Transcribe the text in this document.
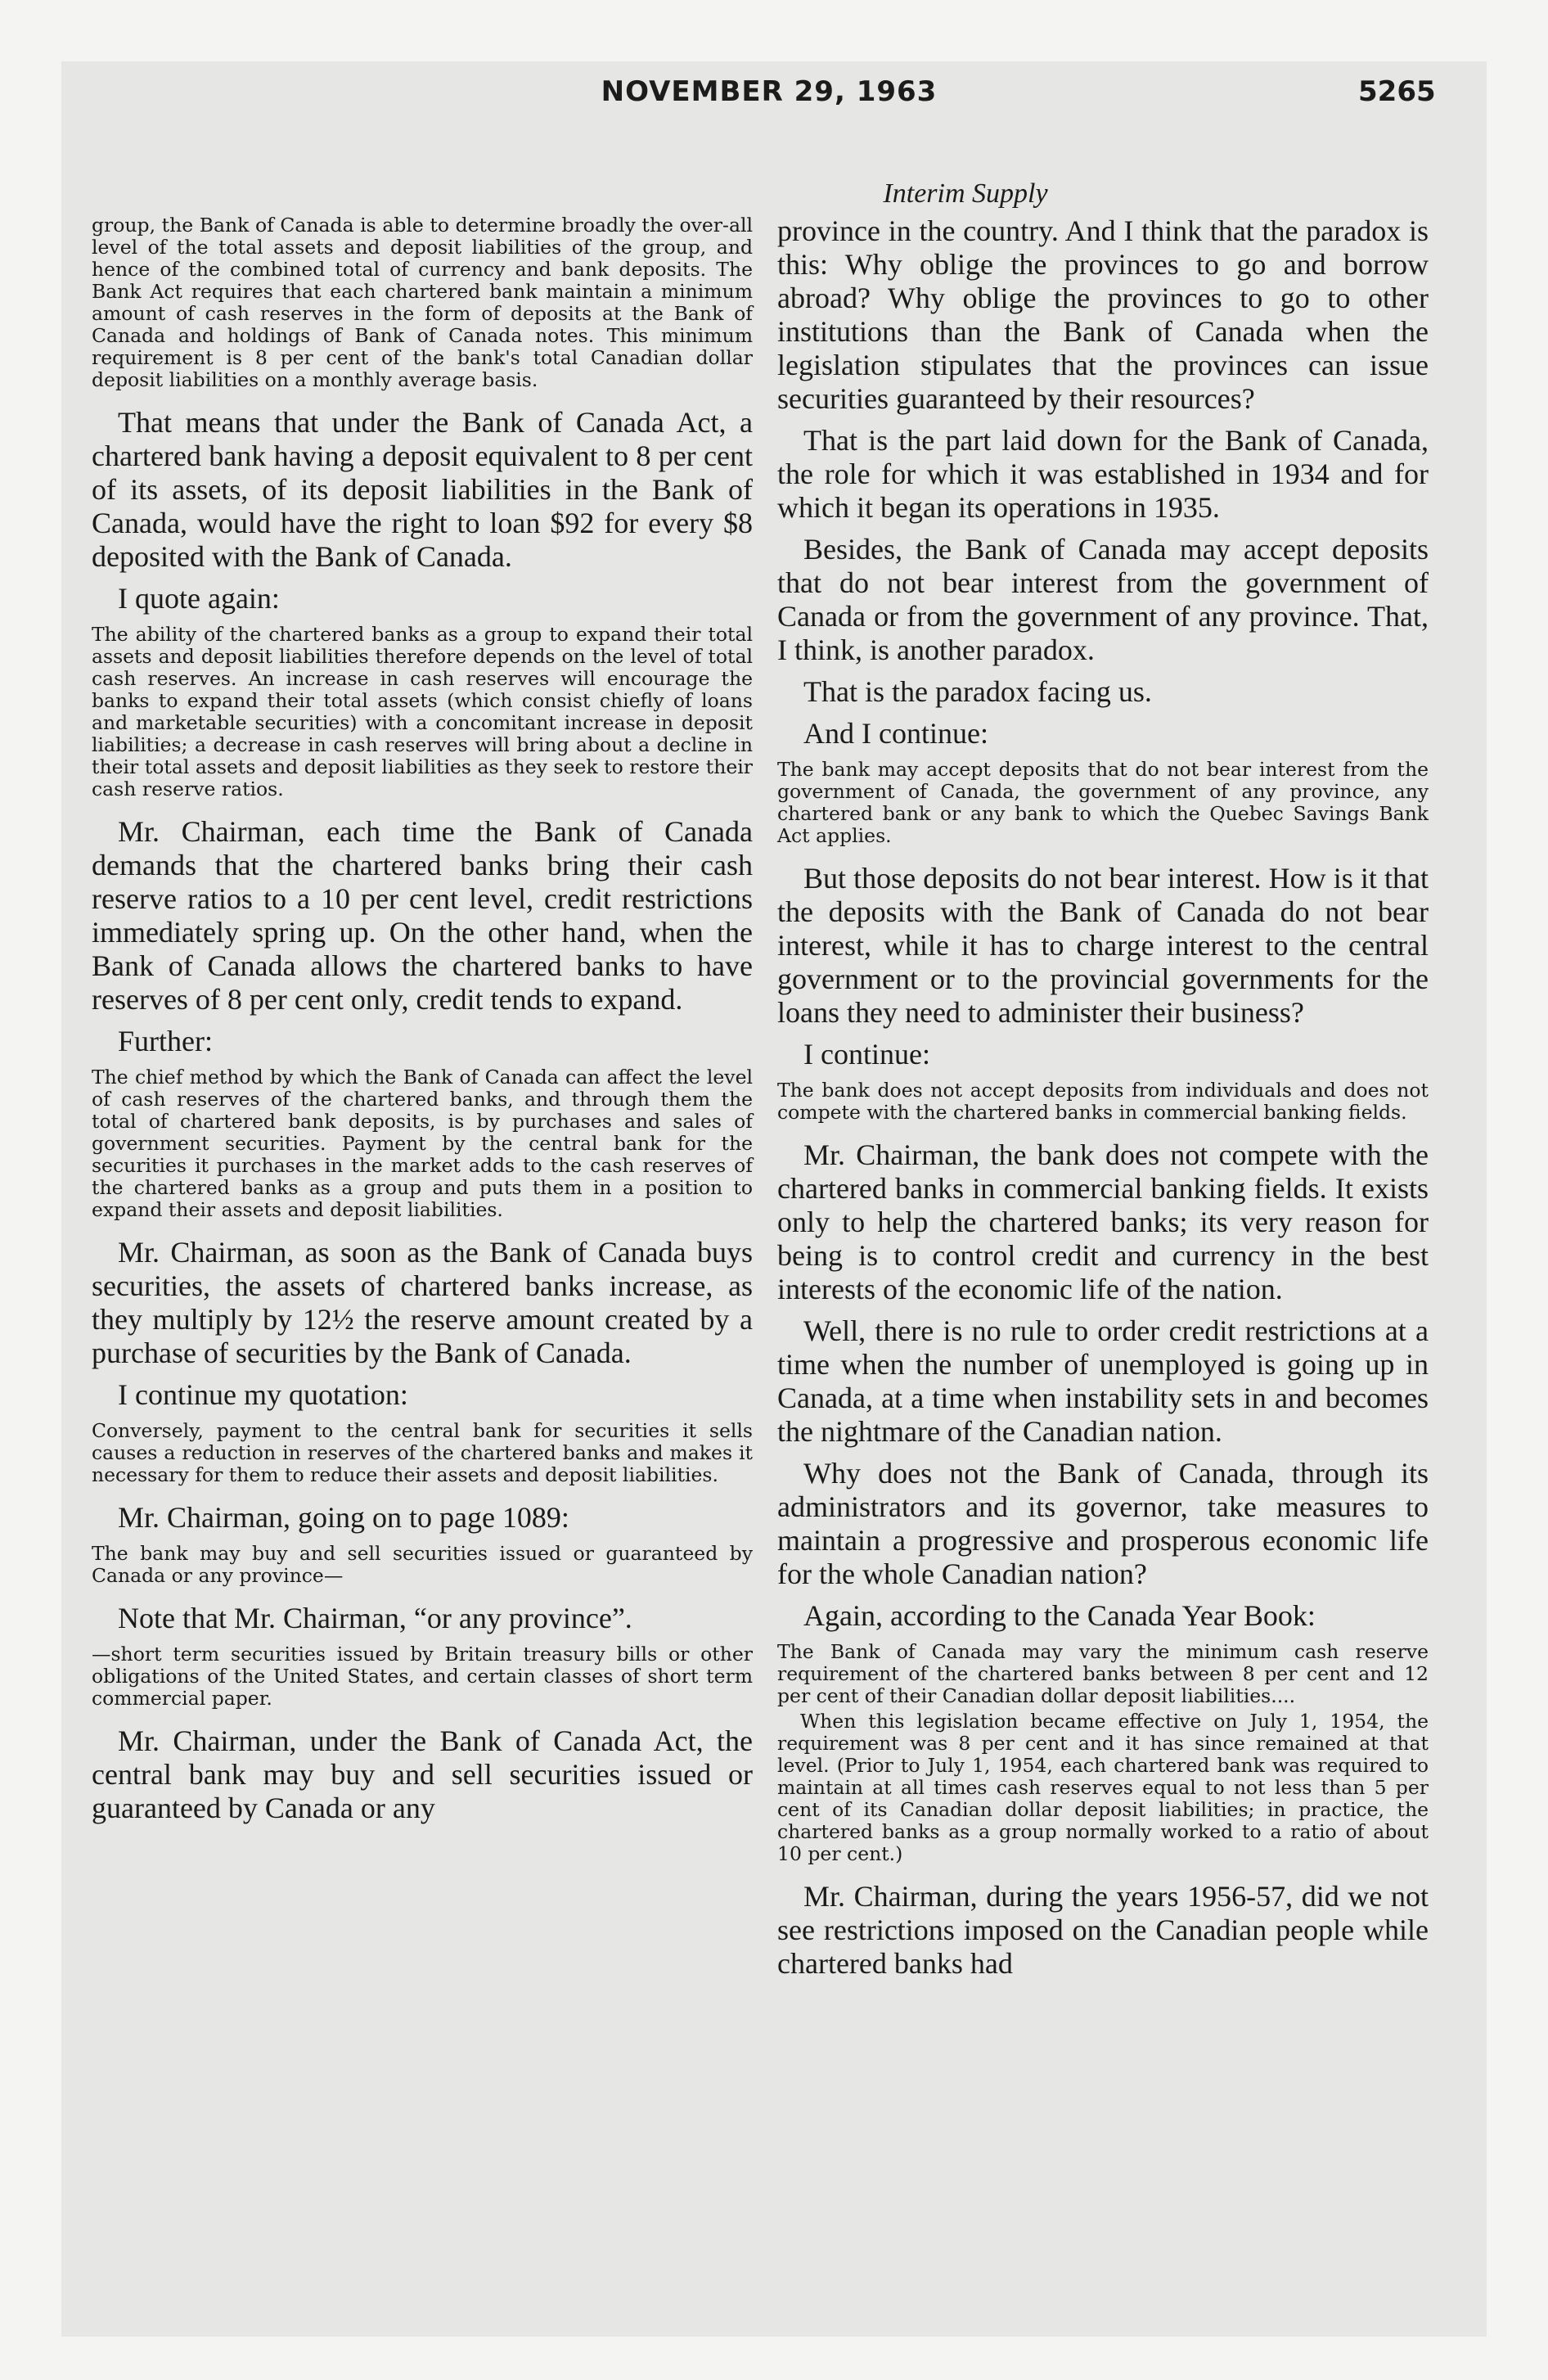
NOVEMBER 29, 1963	5265
Interim Supply

group, the Bank of Canada is able to determine broadly the over-all level of the total assets and deposit liabilities of the group, and hence of the combined total of currency and bank deposits. The Bank Act requires that each chartered bank maintain a minimum amount of cash reserves in the form of deposits at the Bank of Canada and holdings of Bank of Canada notes. This minimum requirement is 8 per cent of the bank's total Canadian dollar deposit liabilities on a monthly average basis.

That means that under the Bank of Canada Act, a chartered bank having a deposit equivalent to 8 per cent of its assets, of its deposit liabilities in the Bank of Canada, would have the right to loan $92 for every $8 deposited with the Bank of Canada.

I quote again:

The ability of the chartered banks as a group to expand their total assets and deposit liabilities therefore depends on the level of total cash reserves. An increase in cash reserves will encourage the banks to expand their total assets (which consist chiefly of loans and marketable securities) with a concomitant increase in deposit liabilities; a decrease in cash reserves will bring about a decline in their total assets and deposit liabilities as they seek to restore their cash reserve ratios.

Mr. Chairman, each time the Bank of Canada demands that the chartered banks bring their cash reserve ratios to a 10 per cent level, credit restrictions immediately spring up. On the other hand, when the Bank of Canada allows the chartered banks to have reserves of 8 per cent only, credit tends to expand.

Further:

The chief method by which the Bank of Canada can affect the level of cash reserves of the chartered banks, and through them the total of chartered bank deposits, is by purchases and sales of government securities. Payment by the central bank for the securities it purchases in the market adds to the cash reserves of the chartered banks as a group and puts them in a position to expand their assets and deposit liabilities.

Mr. Chairman, as soon as the Bank of Canada buys securities, the assets of chartered banks increase, as they multiply by 12½ the reserve amount created by a purchase of securities by the Bank of Canada.

I continue my quotation:

Conversely, payment to the central bank for securities it sells causes a reduction in reserves of the chartered banks and makes it necessary for them to reduce their assets and deposit liabilities.

Mr. Chairman, going on to page 1089:

The bank may buy and sell securities issued or guaranteed by Canada or any province—

Note that Mr. Chairman, “or any province”.

—short term securities issued by Britain treasury bills or other obligations of the United States, and certain classes of short term commercial paper.

Mr. Chairman, under the Bank of Canada Act, the central bank may buy and sell securities issued or guaranteed by Canada or any

province in the country. And I think that the paradox is this: Why oblige the provinces to go and borrow abroad? Why oblige the provinces to go to other institutions than the Bank of Canada when the legislation stipulates that the provinces can issue securities guaranteed by their resources?

That is the part laid down for the Bank of Canada, the role for which it was established in 1934 and for which it began its operations in 1935.

Besides, the Bank of Canada may accept deposits that do not bear interest from the government of Canada or from the government of any province. That, I think, is another paradox.

That is the paradox facing us.

And I continue:

The bank may accept deposits that do not bear interest from the government of Canada, the government of any province, any chartered bank or any bank to which the Quebec Savings Bank Act applies.

But those deposits do not bear interest. How is it that the deposits with the Bank of Canada do not bear interest, while it has to charge interest to the central government or to the provincial governments for the loans they need to administer their business?

I continue:

The bank does not accept deposits from individuals and does not compete with the chartered banks in commercial banking fields.

Mr. Chairman, the bank does not compete with the chartered banks in commercial banking fields. It exists only to help the chartered banks; its very reason for being is to control credit and currency in the best interests of the economic life of the nation.

Well, there is no rule to order credit restrictions at a time when the number of unemployed is going up in Canada, at a time when instability sets in and becomes the nightmare of the Canadian nation.

Why does not the Bank of Canada, through its administrators and its governor, take measures to maintain a progressive and prosperous economic life for the whole Canadian nation?

Again, according to the Canada Year Book:

The Bank of Canada may vary the minimum cash reserve requirement of the chartered banks between 8 per cent and 12 per cent of their Canadian dollar deposit liabilities....

When this legislation became effective on July 1, 1954, the requirement was 8 per cent and it has since remained at that level. (Prior to July 1, 1954, each chartered bank was required to maintain at all times cash reserves equal to not less than 5 per cent of its Canadian dollar deposit liabilities; in practice, the chartered banks as a group normally worked to a ratio of about 10 per cent.)

Mr. Chairman, during the years 1956-57, did we not see restrictions imposed on the Canadian people while chartered banks had
